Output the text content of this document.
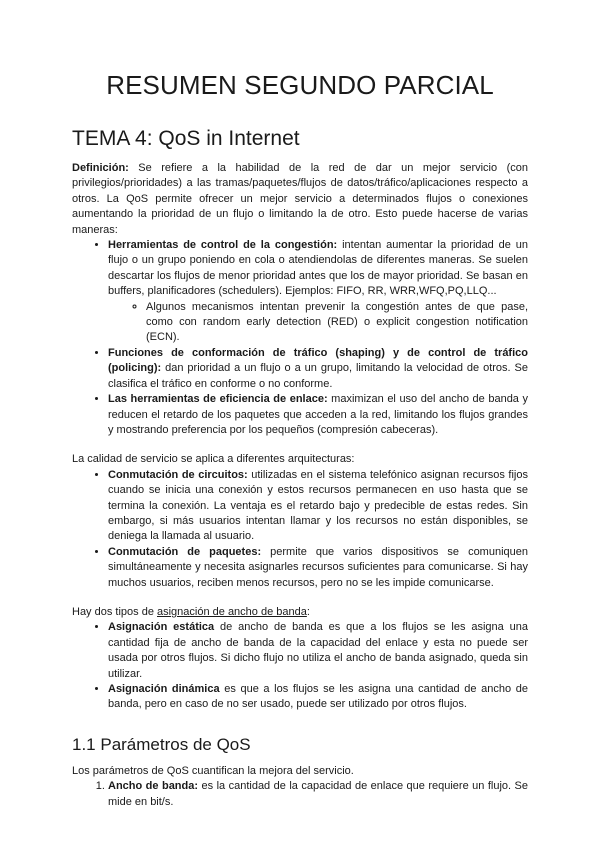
RESUMEN SEGUNDO PARCIAL
TEMA 4: QoS in Internet

Definición: Se refiere a la habilidad de la red de dar un mejor servicio (con privilegios/prioridades) a las tramas/paquetes/flujos de datos/tráfico/aplicaciones respecto a otros. La QoS permite ofrecer un mejor servicio a determinados flujos o conexiones aumentando la prioridad de un flujo o limitando la de otro. Esto puede hacerse de varias maneras:

• Herramientas de control de la congestión: intentan aumentar la prioridad de un flujo o un grupo poniendo en cola o atendiendolas de diferentes maneras. Se suelen descartar los flujos de menor prioridad antes que los de mayor prioridad. Se basan en buffers, planificadores (schedulers). Ejemplos: FIFO, RR, WRR,WFQ,PQ,LLQ...
◦ Algunos mecanismos intentan prevenir la congestión antes de que pase, como con random early detection (RED) o explicit congestion notification (ECN).
• Funciones de conformación de tráfico (shaping) y de control de tráfico (policing): dan prioridad a un flujo o a un grupo, limitando la velocidad de otros. Se clasifica el tráfico en conforme o no conforme.
• Las herramientas de eficiencia de enlace: maximizan el uso del ancho de banda y reducen el retardo de los paquetes que acceden a la red, limitando los flujos grandes y mostrando preferencia por los pequeños (compresión cabeceras).

La calidad de servicio se aplica a diferentes arquitecturas:

• Conmutación de circuitos: utilizadas en el sistema telefónico asignan recursos fijos cuando se inicia una conexión y estos recursos permanecen en uso hasta que se termina la conexión. La ventaja es el retardo bajo y predecible de estas redes. Sin embargo, si más usuarios intentan llamar y los recursos no están disponibles, se deniega la llamada al usuario.
• Conmutación de paquetes: permite que varios dispositivos se comuniquen simultáneamente y necesita asignarles recursos suficientes para comunicarse. Si hay muchos usuarios, reciben menos recursos, pero no se les impide comunicarse.

Hay dos tipos de asignación de ancho de banda:

• Asignación estática de ancho de banda es que a los flujos se les asigna una cantidad fija de ancho de banda de la capacidad del enlace y esta no puede ser usada por otros flujos. Si dicho flujo no utiliza el ancho de banda asignado, queda sin utilizar.
• Asignación dinámica es que a los flujos se les asigna una cantidad de ancho de banda, pero en caso de no ser usado, puede ser utilizado por otros flujos.
1.1 Parámetros de QoS

Los parámetros de QoS cuantifican la mejora del servicio.

1. Ancho de banda: es la cantidad de la capacidad de enlace que requiere un flujo. Se mide en bit/s.
